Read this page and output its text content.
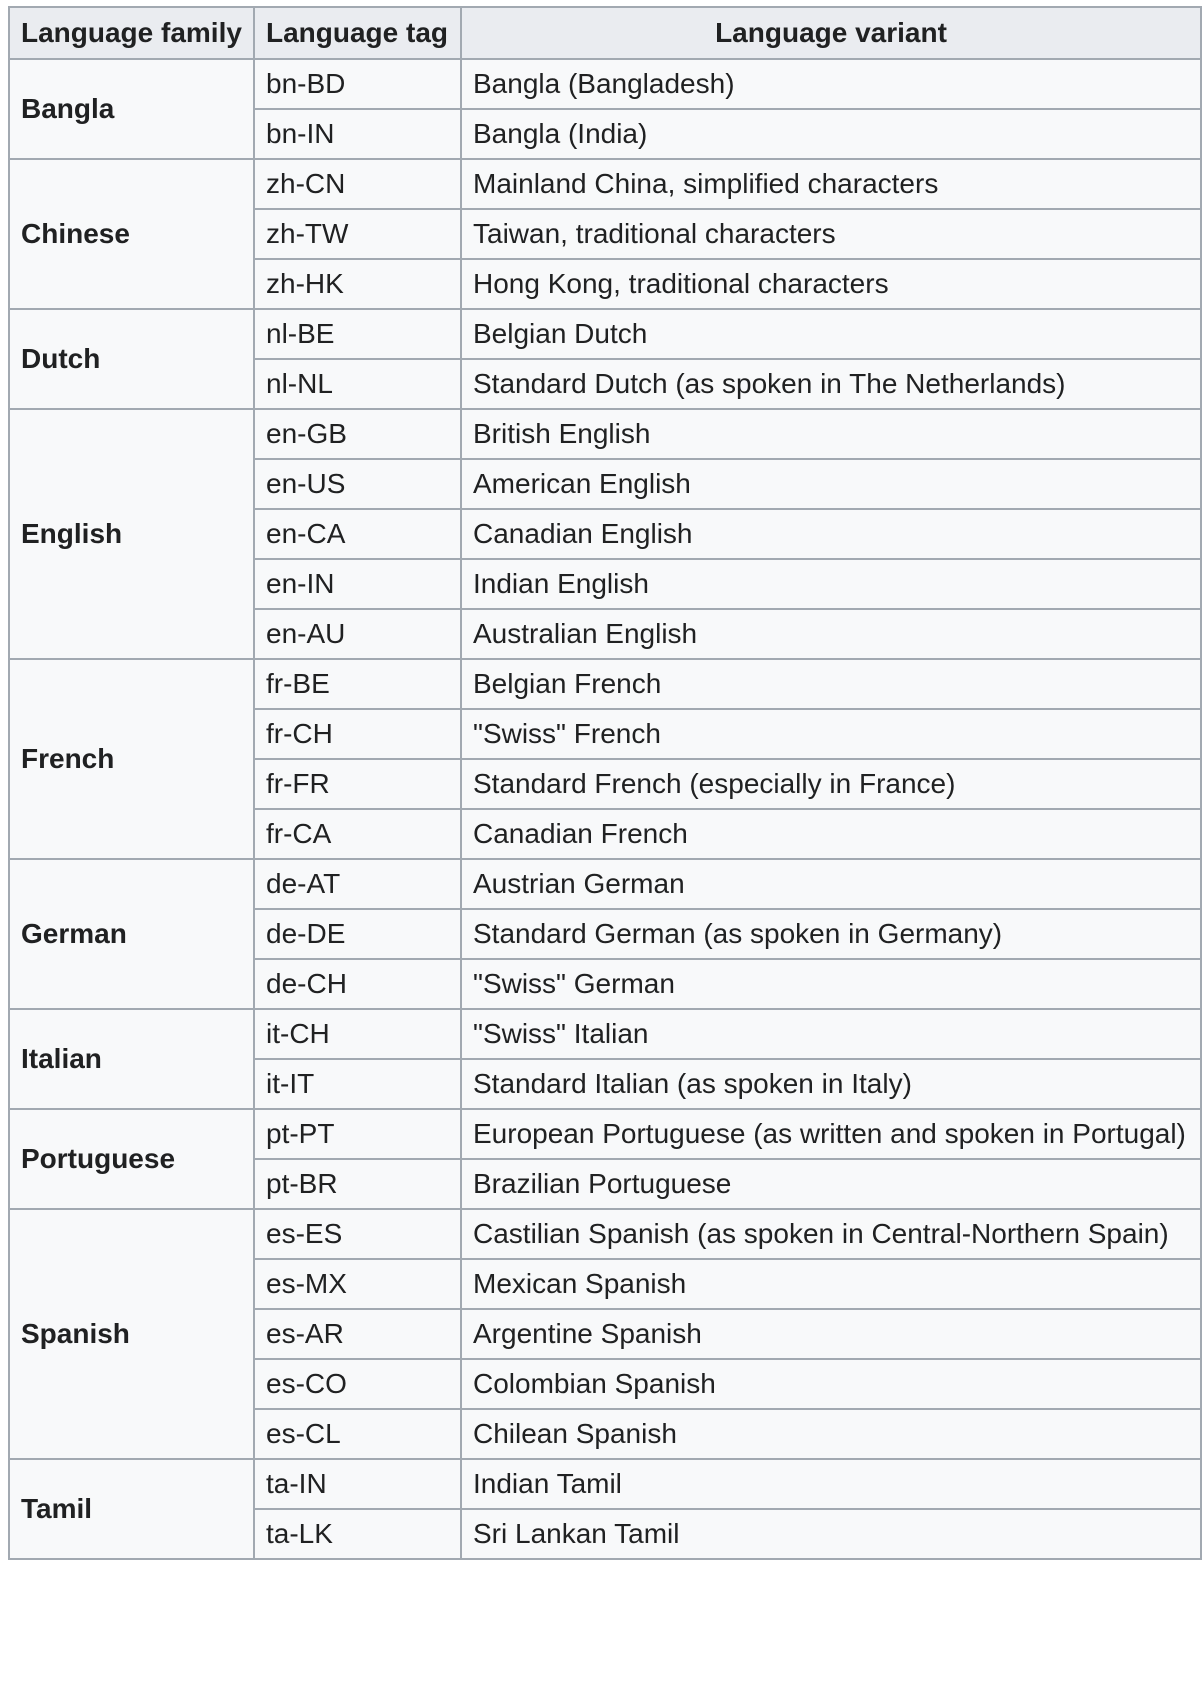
Language family	Language tag	Language variant
Bangla	bn-BD	Bangla (Bangladesh)
	bn-IN	Bangla (India)
Chinese	zh-CN	Mainland China, simplified characters
	zh-TW	Taiwan, traditional characters
	zh-HK	Hong Kong, traditional characters
Dutch	nl-BE	Belgian Dutch
	nl-NL	Standard Dutch (as spoken in The Netherlands)
English	en-GB	British English
	en-US	American English
	en-CA	Canadian English
	en-IN	Indian English
	en-AU	Australian English
French	fr-BE	Belgian French
	fr-CH	"Swiss" French
	fr-FR	Standard French (especially in France)
	fr-CA	Canadian French
German	de-AT	Austrian German
	de-DE	Standard German (as spoken in Germany)
	de-CH	"Swiss" German
Italian	it-CH	"Swiss" Italian
	it-IT	Standard Italian (as spoken in Italy)
Portuguese	pt-PT	European Portuguese (as written and spoken in Portugal)
	pt-BR	Brazilian Portuguese
Spanish	es-ES	Castilian Spanish (as spoken in Central-Northern Spain)
	es-MX	Mexican Spanish
	es-AR	Argentine Spanish
	es-CO	Colombian Spanish
	es-CL	Chilean Spanish
Tamil	ta-IN	Indian Tamil
	ta-LK	Sri Lankan Tamil
